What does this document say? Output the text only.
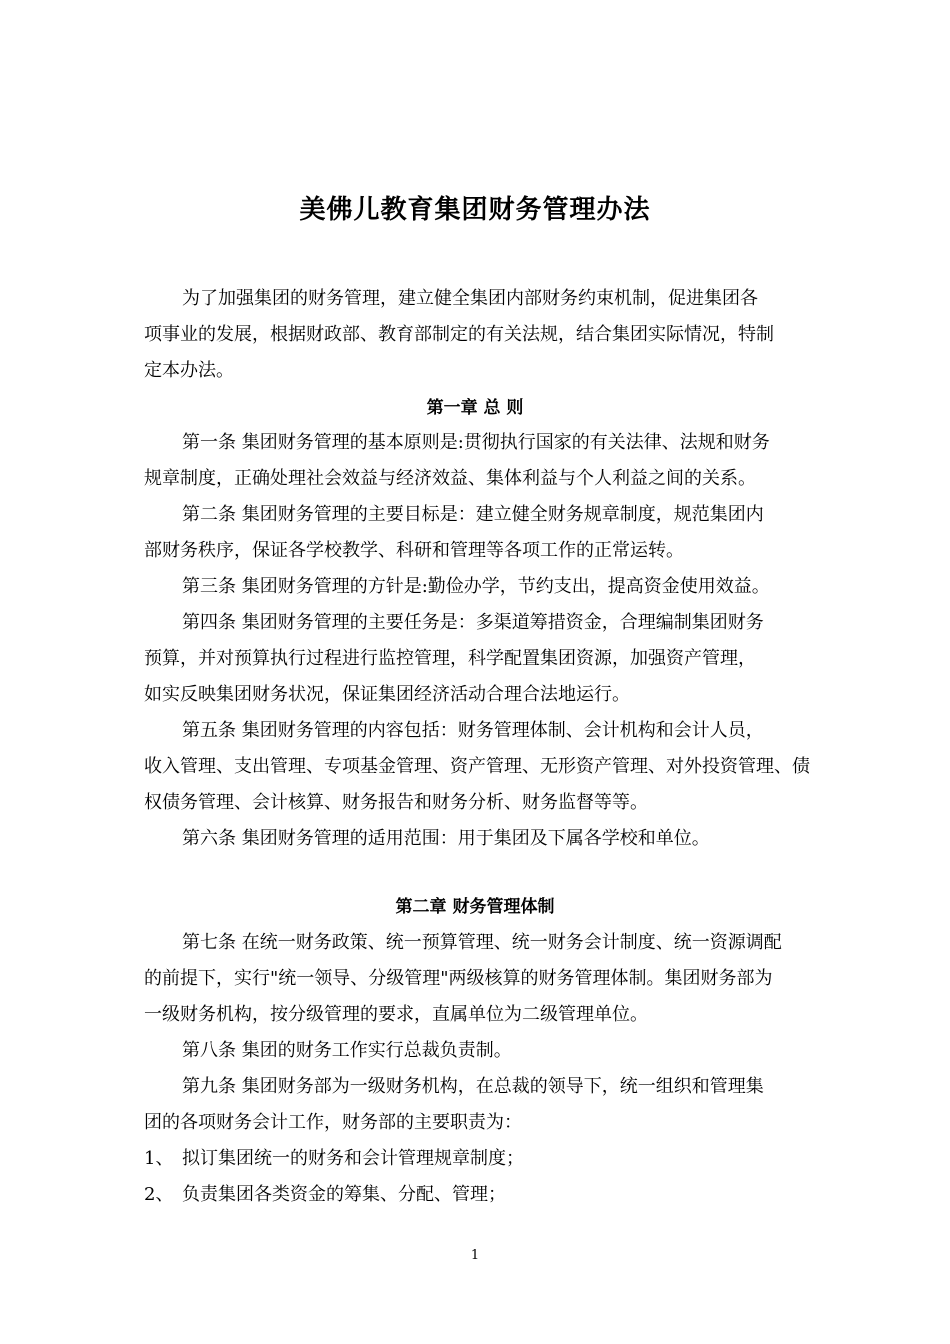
美佛儿教育集团财务管理办法
为了加强集团的财务管理，建立健全集团内部财务约束机制，促进集团各
项事业的发展，根据财政部、教育部制定的有关法规，结合集团实际情况，特制
定本办法。
第一章 总 则
第一条 集团财务管理的基本原则是:贯彻执行国家的有关法律、法规和财务
规章制度，正确处理社会效益与经济效益、集体利益与个人利益之间的关系。
第二条 集团财务管理的主要目标是：建立健全财务规章制度，规范集团内
部财务秩序，保证各学校教学、科研和管理等各项工作的正常运转。
第三条 集团财务管理的方针是:勤俭办学，节约支出，提高资金使用效益。
第四条 集团财务管理的主要任务是：多渠道筹措资金，合理编制集团财务
预算，并对预算执行过程进行监控管理，科学配置集团资源，加强资产管理，
如实反映集团财务状况，保证集团经济活动合理合法地运行。
第五条 集团财务管理的内容包括：财务管理体制、会计机构和会计人员，
收入管理、支出管理、专项基金管理、资产管理、无形资产管理、对外投资管理、债
权债务管理、会计核算、财务报告和财务分析、财务监督等等。
第六条 集团财务管理的适用范围：用于集团及下属各学校和单位。
第二章 财务管理体制
第七条 在统一财务政策、统一预算管理、统一财务会计制度、统一资源调配
的前提下，实行"统一领导、分级管理"两级核算的财务管理体制。集团财务部为
一级财务机构，按分级管理的要求，直属单位为二级管理单位。
第八条 集团的财务工作实行总裁负责制。
第九条 集团财务部为一级财务机构，在总裁的领导下，统一组织和管理集
团的各项财务会计工作，财务部的主要职责为：
1、 拟订集团统一的财务和会计管理规章制度；
2、 负责集团各类资金的筹集、分配、管理；
1
